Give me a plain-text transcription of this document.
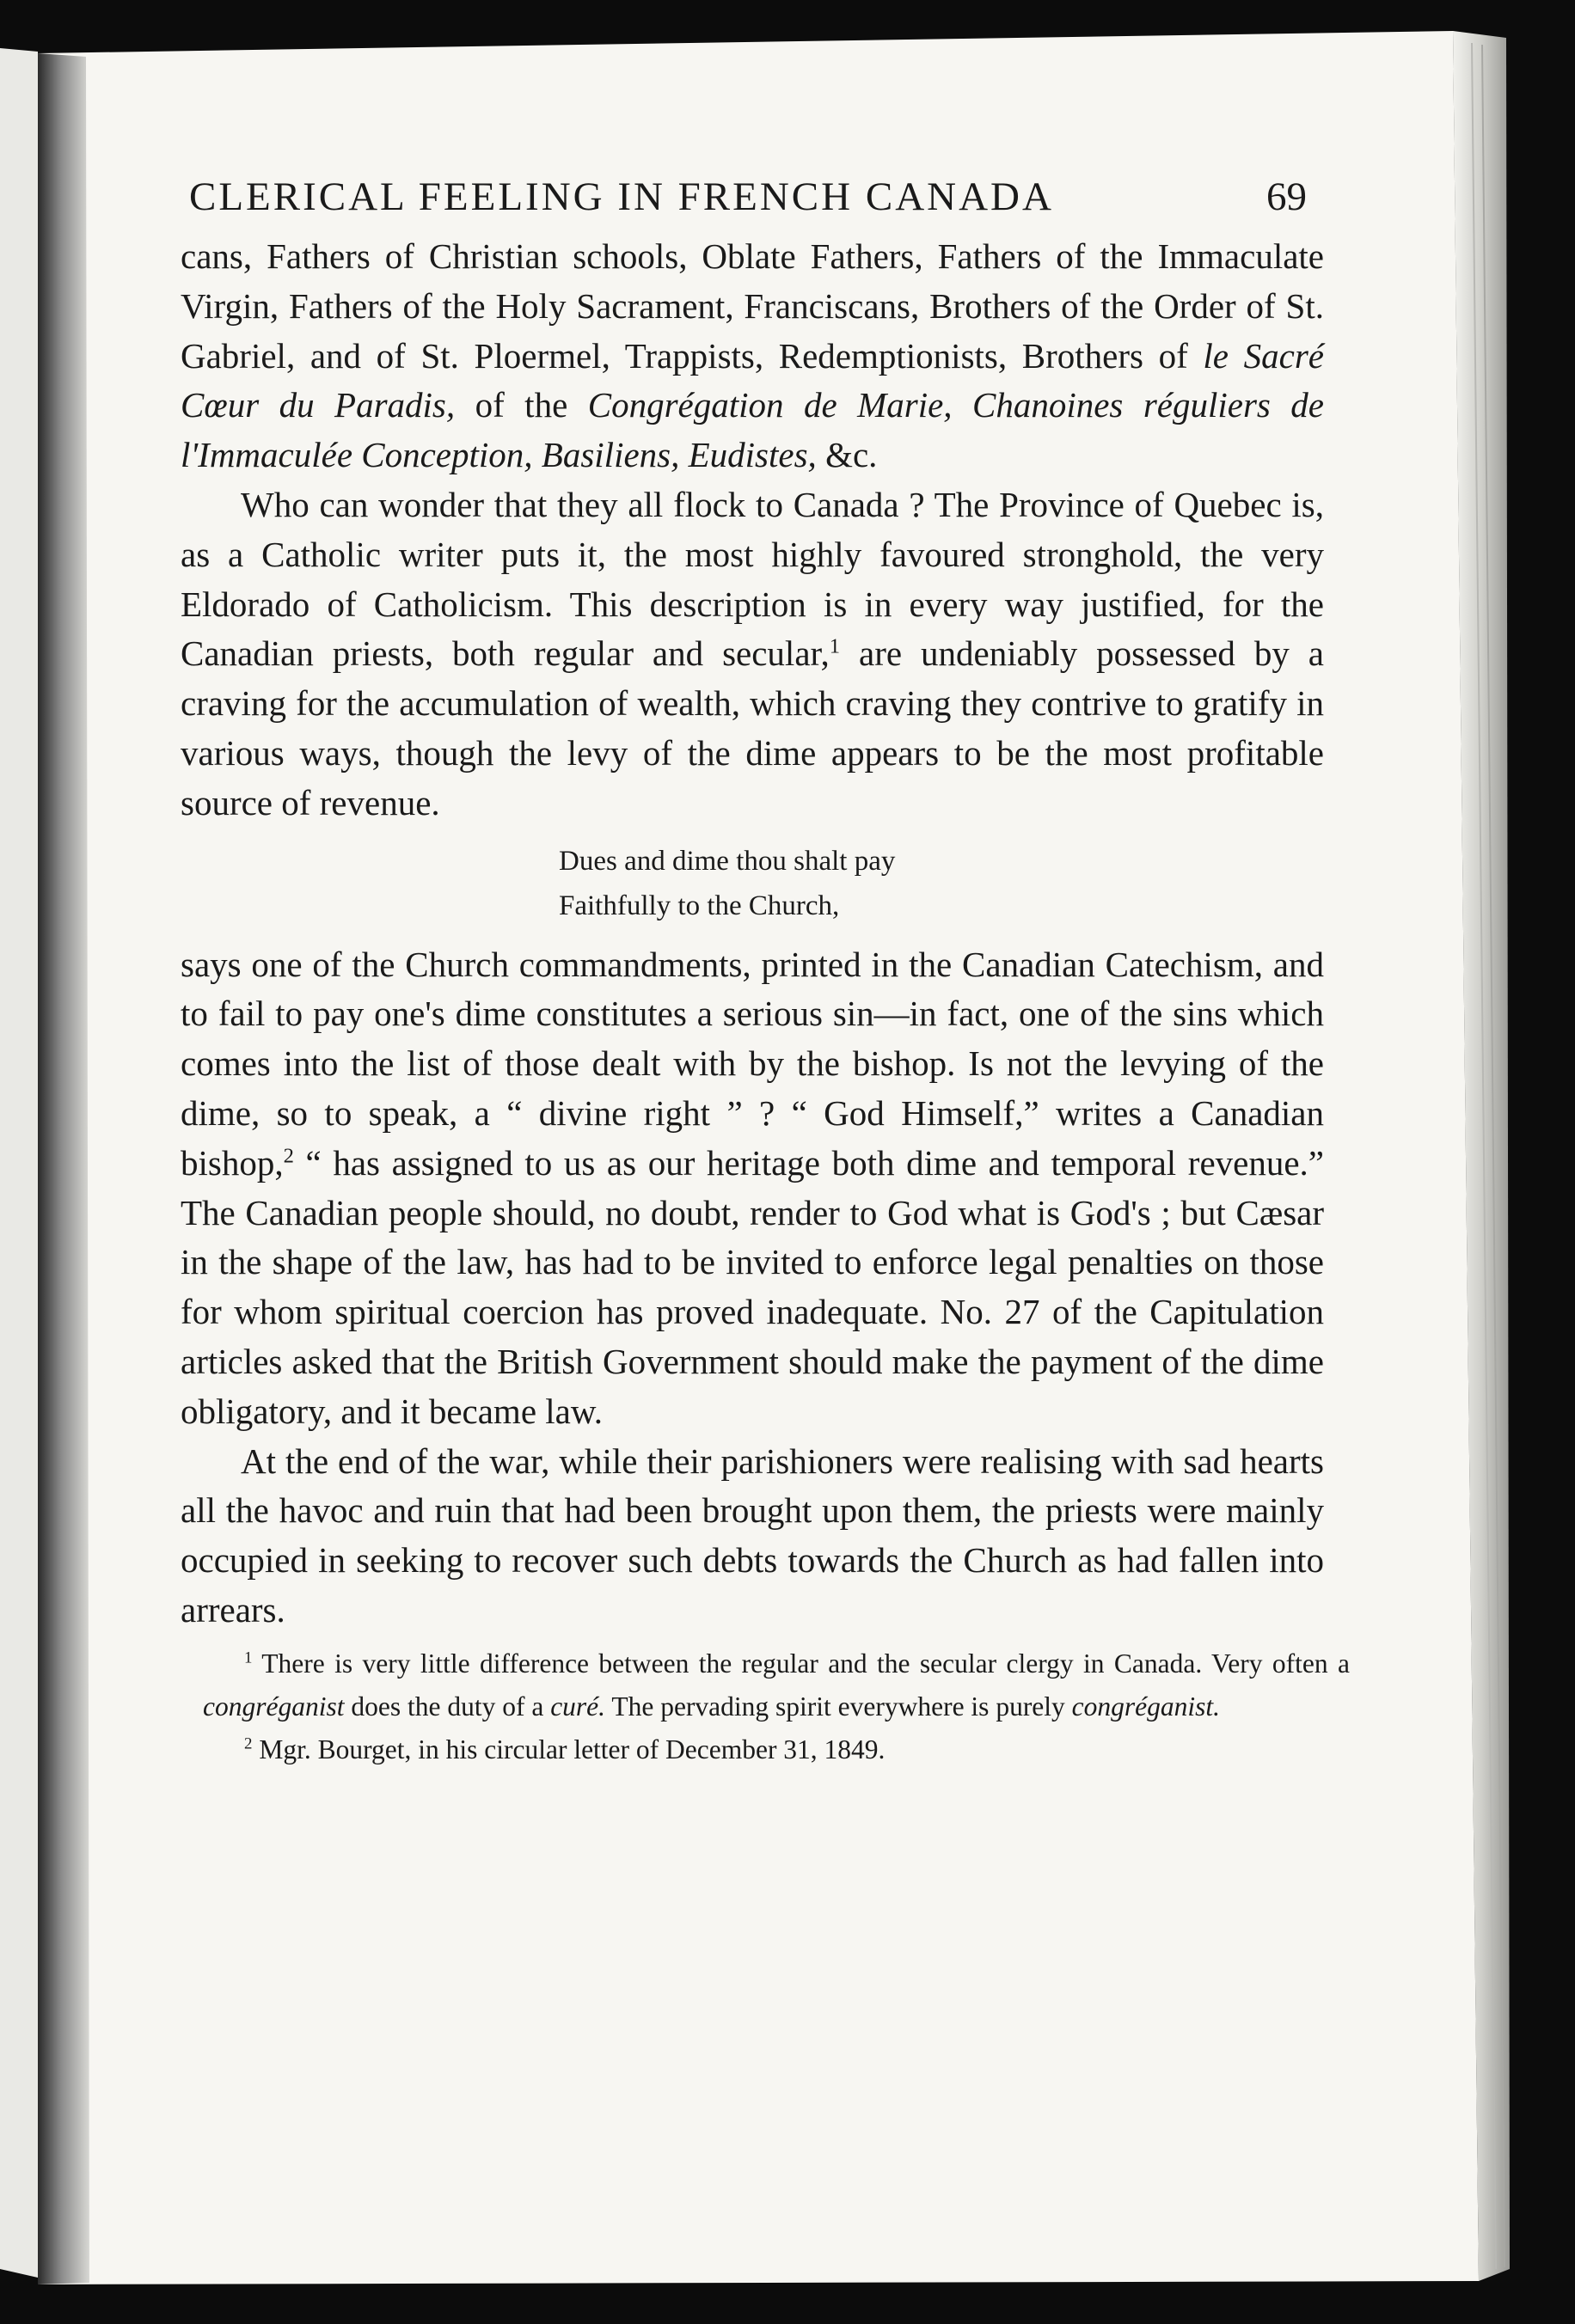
CLERICAL FEELING IN FRENCH CANADA	69

cans, Fathers of Christian schools, Oblate Fathers, Fathers of the Immaculate Virgin, Fathers of the Holy Sacrament, Franciscans, Brothers of the Order of St. Gabriel, and of St. Ploermel, Trappists, Redemptionists, Brothers of le Sacré Cœur du Paradis, of the Congrégation de Marie, Chanoines réguliers de l'Immaculée Conception, Basiliens, Eudistes, &c.

Who can wonder that they all flock to Canada ? The Province of Quebec is, as a Catholic writer puts it, the most highly favoured stronghold, the very Eldorado of Catholicism. This description is in every way justified, for the Canadian priests, both regular and secular,$^1$ are undeniably possessed by a craving for the accumulation of wealth, which craving they contrive to gratify in various ways, though the levy of the dime appears to be the most profitable source of revenue.

Dues and dime thou shalt pay
Faithfully to the Church,

says one of the Church commandments, printed in the Canadian Catechism, and to fail to pay one's dime constitutes a serious sin—in fact, one of the sins which comes into the list of those dealt with by the bishop. Is not the levying of the dime, so to speak, a “ divine right ” ? “ God Himself,” writes a Canadian bishop,$^2$ “ has assigned to us as our heritage both dime and temporal revenue.” The Canadian people should, no doubt, render to God what is God's ; but Cæsar in the shape of the law, has had to be invited to enforce legal penalties on those for whom spiritual coercion has proved inadequate. No. 27 of the Capitulation articles asked that the British Government should make the payment of the dime obligatory, and it became law.

At the end of the war, while their parishioners were realising with sad hearts all the havoc and ruin that had been brought upon them, the priests were mainly occupied in seeking to recover such debts towards the Church as had fallen into arrears.

$^1$ There is very little difference between the regular and the secular clergy in Canada. Very often a congréganist does the duty of a curé. The pervading spirit everywhere is purely congréganist.

$^2$ Mgr. Bourget, in his circular letter of December 31, 1849.
